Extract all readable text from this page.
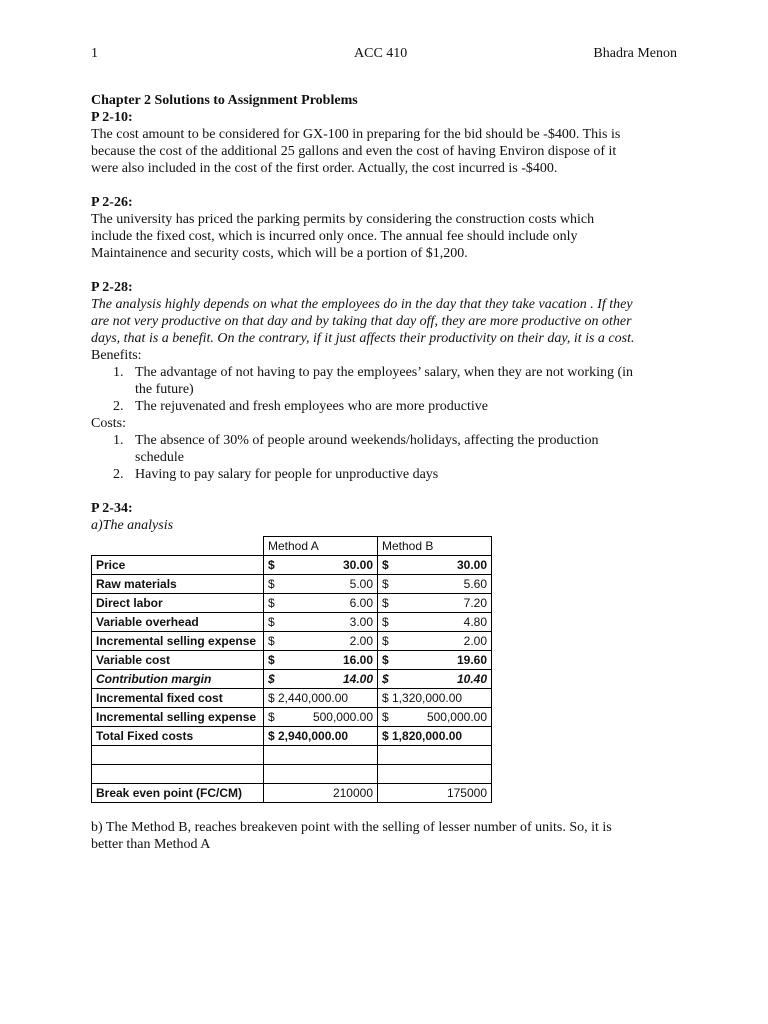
1	ACC 410	Bhadra Menon
Chapter 2 Solutions to Assignment Problems
P 2-10:
The cost amount to be considered for GX-100 in preparing for the bid should be -$400. This is
because the cost of the additional 25 gallons and even the cost of having Environ dispose of it
were also included in the cost of the first order. Actually, the cost incurred is -$400.
P 2-26:
The university has priced the parking permits by considering the construction costs which
include the fixed cost, which is incurred only once. The annual fee should include only
Maintainence and security costs, which will be a portion of $1,200.
P 2-28:
The analysis highly depends on what the employees do in the day that they take vacation . If they
are not very productive on that day and by taking that day off, they are more productive on other
days, that is a benefit. On the contrary, if it just affects their productivity on their day, it is a cost.
Benefits:
1. The advantage of not having to pay the employees’ salary, when they are not working (in
the future)
2. The rejuvenated and fresh employees who are more productive
Costs:
1. The absence of 30% of people around weekends/holidays, affecting the production
schedule
2. Having to pay salary for people for unproductive days
P 2-34:
a)The analysis
	Method A	Method B
Price	$ 30.00	$ 30.00

Raw materials	$ 5.00	$ 5.60

Direct labor	$ 6.00	$ 7.20

Variable overhead	$ 3.00	$ 4.80

Incremental selling expense	$ 2.00	$ 2.00

Variable cost	$ 16.00	$ 19.60

Contribution margin	$ 14.00	$ 10.40

Incremental fixed cost	$ 2,440,000.00	$ 1,320,000.00
Incremental selling expense	$ 500,000.00	$ 500,000.00

Total Fixed costs	$ 2,940,000.00	$ 1,820,000.00

Break even point (FC/CM)	210000	175000
b) The Method B, reaches breakeven point with the selling of lesser number of units. So, it is
better than Method A
